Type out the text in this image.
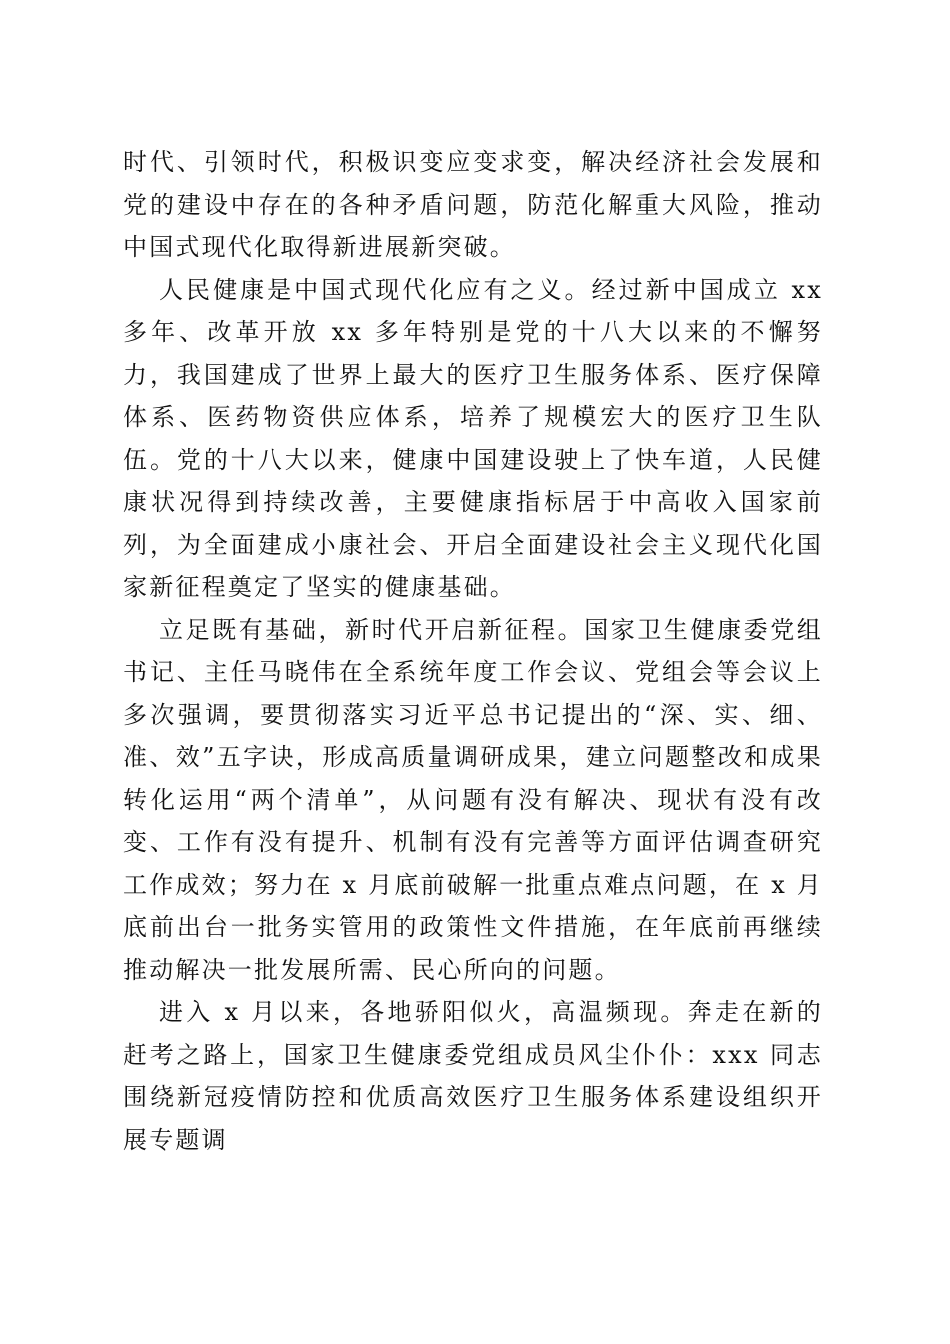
时代、引领时代，积极识变应变求变，解决经济社会发展和党的建设中存在的各种矛盾问题，防范化解重大风险，推动中国式现代化取得新进展新突破。

人民健康是中国式现代化应有之义。经过新中国成立 xx 多年、改革开放 xx 多年特别是党的十八大以来的不懈努力，我国建成了世界上最大的医疗卫生服务体系、医疗保障体系、医药物资供应体系，培养了规模宏大的医疗卫生队伍。党的十八大以来，健康中国建设驶上了快车道，人民健康状况得到持续改善，主要健康指标居于中高收入国家前列，为全面建成小康社会、开启全面建设社会主义现代化国家新征程奠定了坚实的健康基础。

立足既有基础，新时代开启新征程。国家卫生健康委党组书记、主任马晓伟在全系统年度工作会议、党组会等会议上多次强调，要贯彻落实习近平总书记提出的“深、实、细、准、效”五字诀，形成高质量调研成果，建立问题整改和成果转化运用“两个清单”，从问题有没有解决、现状有没有改变、工作有没有提升、机制有没有完善等方面评估调查研究工作成效；努力在 x 月底前破解一批重点难点问题，在 x 月底前出台一批务实管用的政策性文件措施，在年底前再继续推动解决一批发展所需、民心所向的问题。

进入 x 月以来，各地骄阳似火，高温频现。奔走在新的赶考之路上，国家卫生健康委党组成员风尘仆仆：xxx 同志围绕新冠疫情防控和优质高效医疗卫生服务体系建设组织开展专题调
